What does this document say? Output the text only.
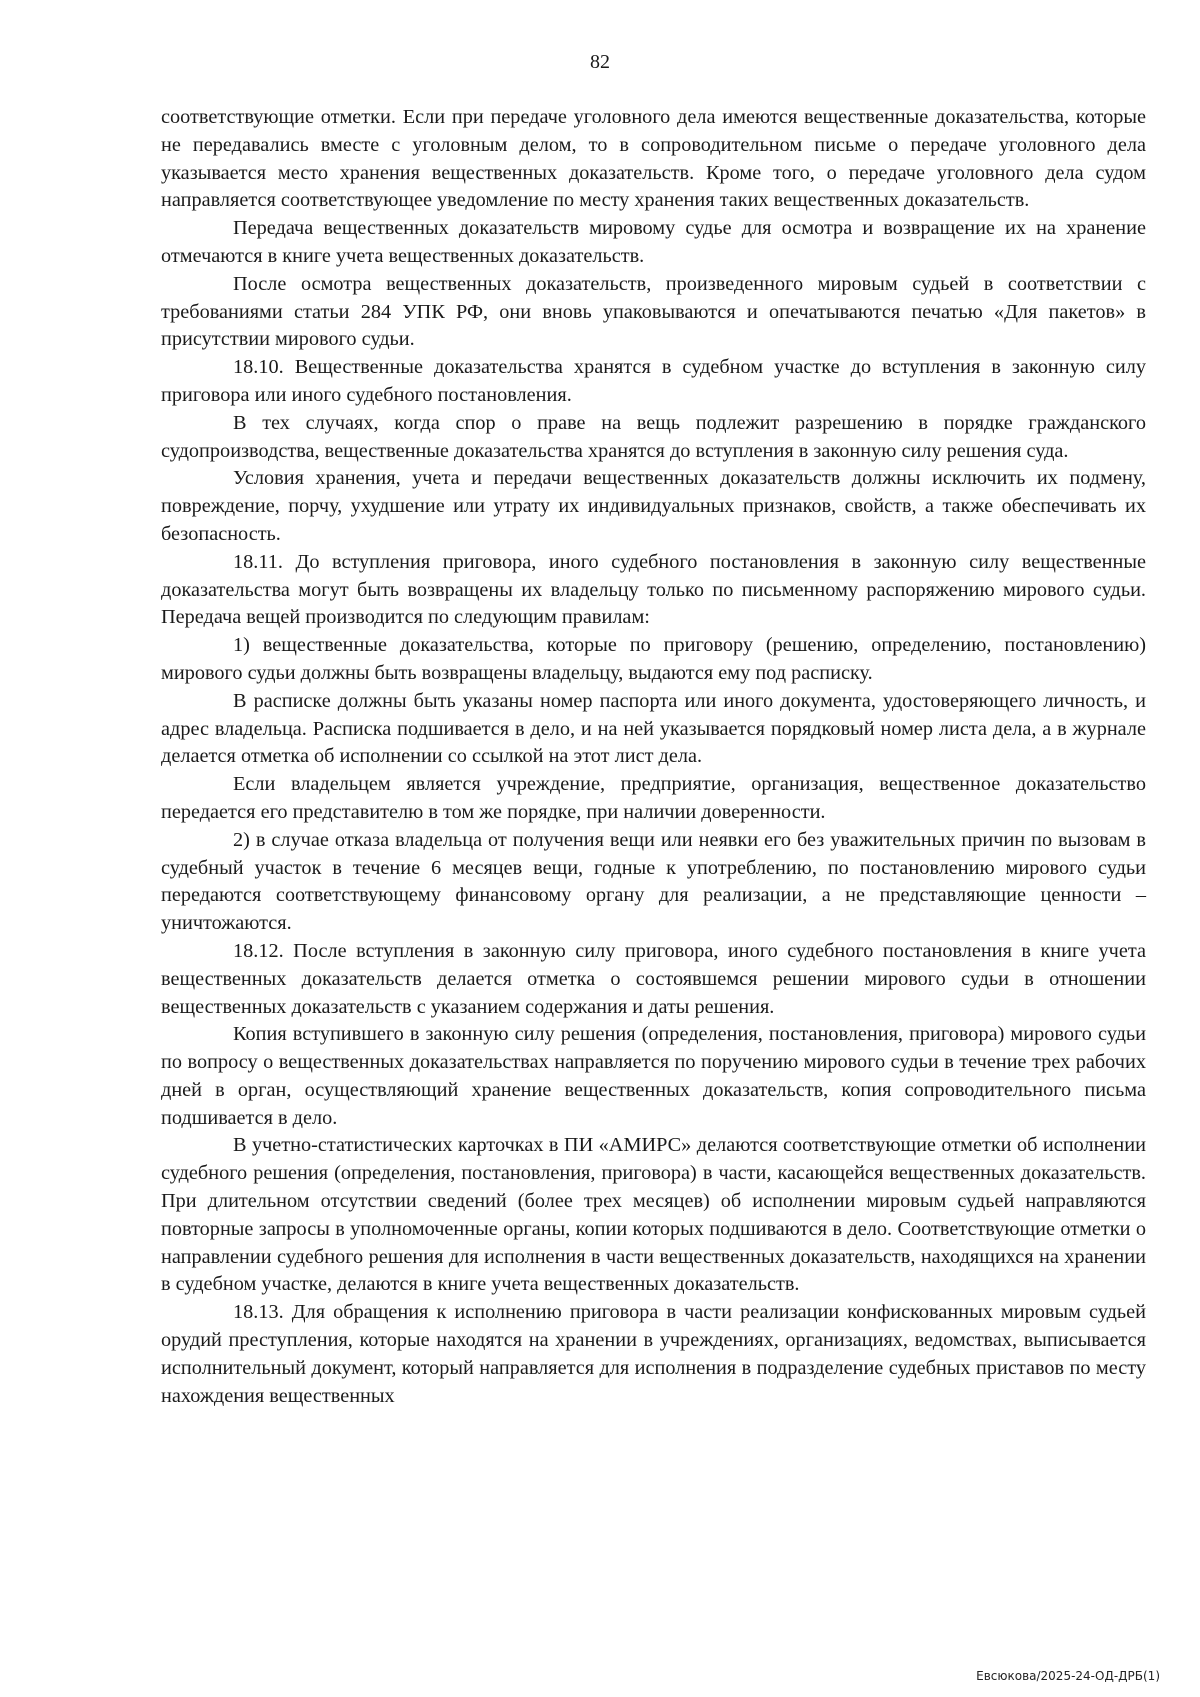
82

соответствующие отметки. Если при передаче уголовного дела имеются вещественные доказательства, которые не передавались вместе с уголовным делом, то в сопроводительном письме о передаче уголовного дела указывается место хранения вещественных доказательств. Кроме того, о передаче уголовного дела судом направляется соответствующее уведомление по месту хранения таких вещественных доказательств.

Передача вещественных доказательств мировому судье для осмотра и возвращение их на хранение отмечаются в книге учета вещественных доказательств.

После осмотра вещественных доказательств, произведенного мировым судьей в соответствии с требованиями статьи 284 УПК РФ, они вновь упаковываются и опечатываются печатью «Для пакетов» в присутствии мирового судьи.

18.10. Вещественные доказательства хранятся в судебном участке до вступления в законную силу приговора или иного судебного постановления.

В тех случаях, когда спор о праве на вещь подлежит разрешению в порядке гражданского судопроизводства, вещественные доказательства хранятся до вступления в законную силу решения суда.

Условия хранения, учета и передачи вещественных доказательств должны исключить их подмену, повреждение, порчу, ухудшение или утрату их индивидуальных признаков, свойств, а также обеспечивать их безопасность.

18.11. До вступления приговора, иного судебного постановления в законную силу вещественные доказательства могут быть возвращены их владельцу только по письменному распоряжению мирового судьи. Передача вещей производится по следующим правилам:

1) вещественные доказательства, которые по приговору (решению, определению, постановлению) мирового судьи должны быть возвращены владельцу, выдаются ему под расписку.

В расписке должны быть указаны номер паспорта или иного документа, удостоверяющего личность, и адрес владельца. Расписка подшивается в дело, и на ней указывается порядковый номер листа дела, а в журнале делается отметка об исполнении со ссылкой на этот лист дела.

Если владельцем является учреждение, предприятие, организация, вещественное доказательство передается его представителю в том же порядке, при наличии доверенности.

2) в случае отказа владельца от получения вещи или неявки его без уважительных причин по вызовам в судебный участок в течение 6 месяцев вещи, годные к употреблению, по постановлению мирового судьи передаются соответствующему финансовому органу для реализации, а не представляющие ценности – уничтожаются.

18.12. После вступления в законную силу приговора, иного судебного постановления в книге учета вещественных доказательств делается отметка о состоявшемся решении мирового судьи в отношении вещественных доказательств с указанием содержания и даты решения.

Копия вступившего в законную силу решения (определения, постановления, приговора) мирового судьи по вопросу о вещественных доказательствах направляется по поручению мирового судьи в течение трех рабочих дней в орган, осуществляющий хранение вещественных доказательств, копия сопроводительного письма подшивается в дело.

В учетно-статистических карточках в ПИ «АМИРС» делаются соответствующие отметки об исполнении судебного решения (определения, постановления, приговора) в части, касающейся вещественных доказательств. При длительном отсутствии сведений (более трех месяцев) об исполнении мировым судьей направляются повторные запросы в уполномоченные органы, копии которых подшиваются в дело. Соответствующие отметки о направлении судебного решения для исполнения в части вещественных доказательств, находящихся на хранении в судебном участке, делаются в книге учета вещественных доказательств.

18.13. Для обращения к исполнению приговора в части реализации конфискованных мировым судьей орудий преступления, которые находятся на хранении в учреждениях, организациях, ведомствах, выписывается исполнительный документ, который направляется для исполнения в подразделение судебных приставов по месту нахождения вещественных

Евсюкова/2025-24-ОД-ДРБ(1)
